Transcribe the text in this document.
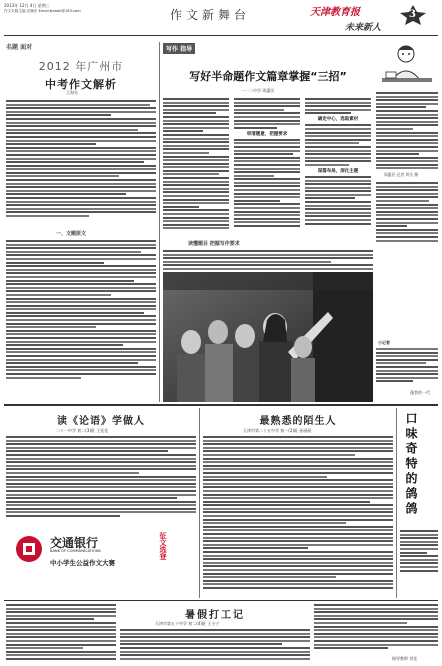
2013年 12月 4日 星期三
作文专版主编 汪晓东 Email:tjzwbk@163.com	作文新舞台	天津教育报
未来新人
3
名题 面对
2012 年广州市
中考作文解析
王海先
一、文题原文
写作 指导
写好半命题作文篇章掌握“三招”
一一二中学 周惠民
审清题意，把握要求
确定中心，选取素材
谋篇布局，深化主题
读懂题目 把握写作要求
周惠民 记者 刘岳 摄
小记者
蓬勃的一代
读《论语》学做人
二十一中学 初二(3)班 王佳佳
最熟悉的陌生人
天津市第二十五中学 初一(2)班 孙丽丽	口味奇特的鸽鸽
交通银行
BANK OF COMMUNICATIONS	征文选登
中小学生公益作文大赛
暑假打工记
天津市第五十中学 初二(4)班 王小宁
指导教师 刘佳
